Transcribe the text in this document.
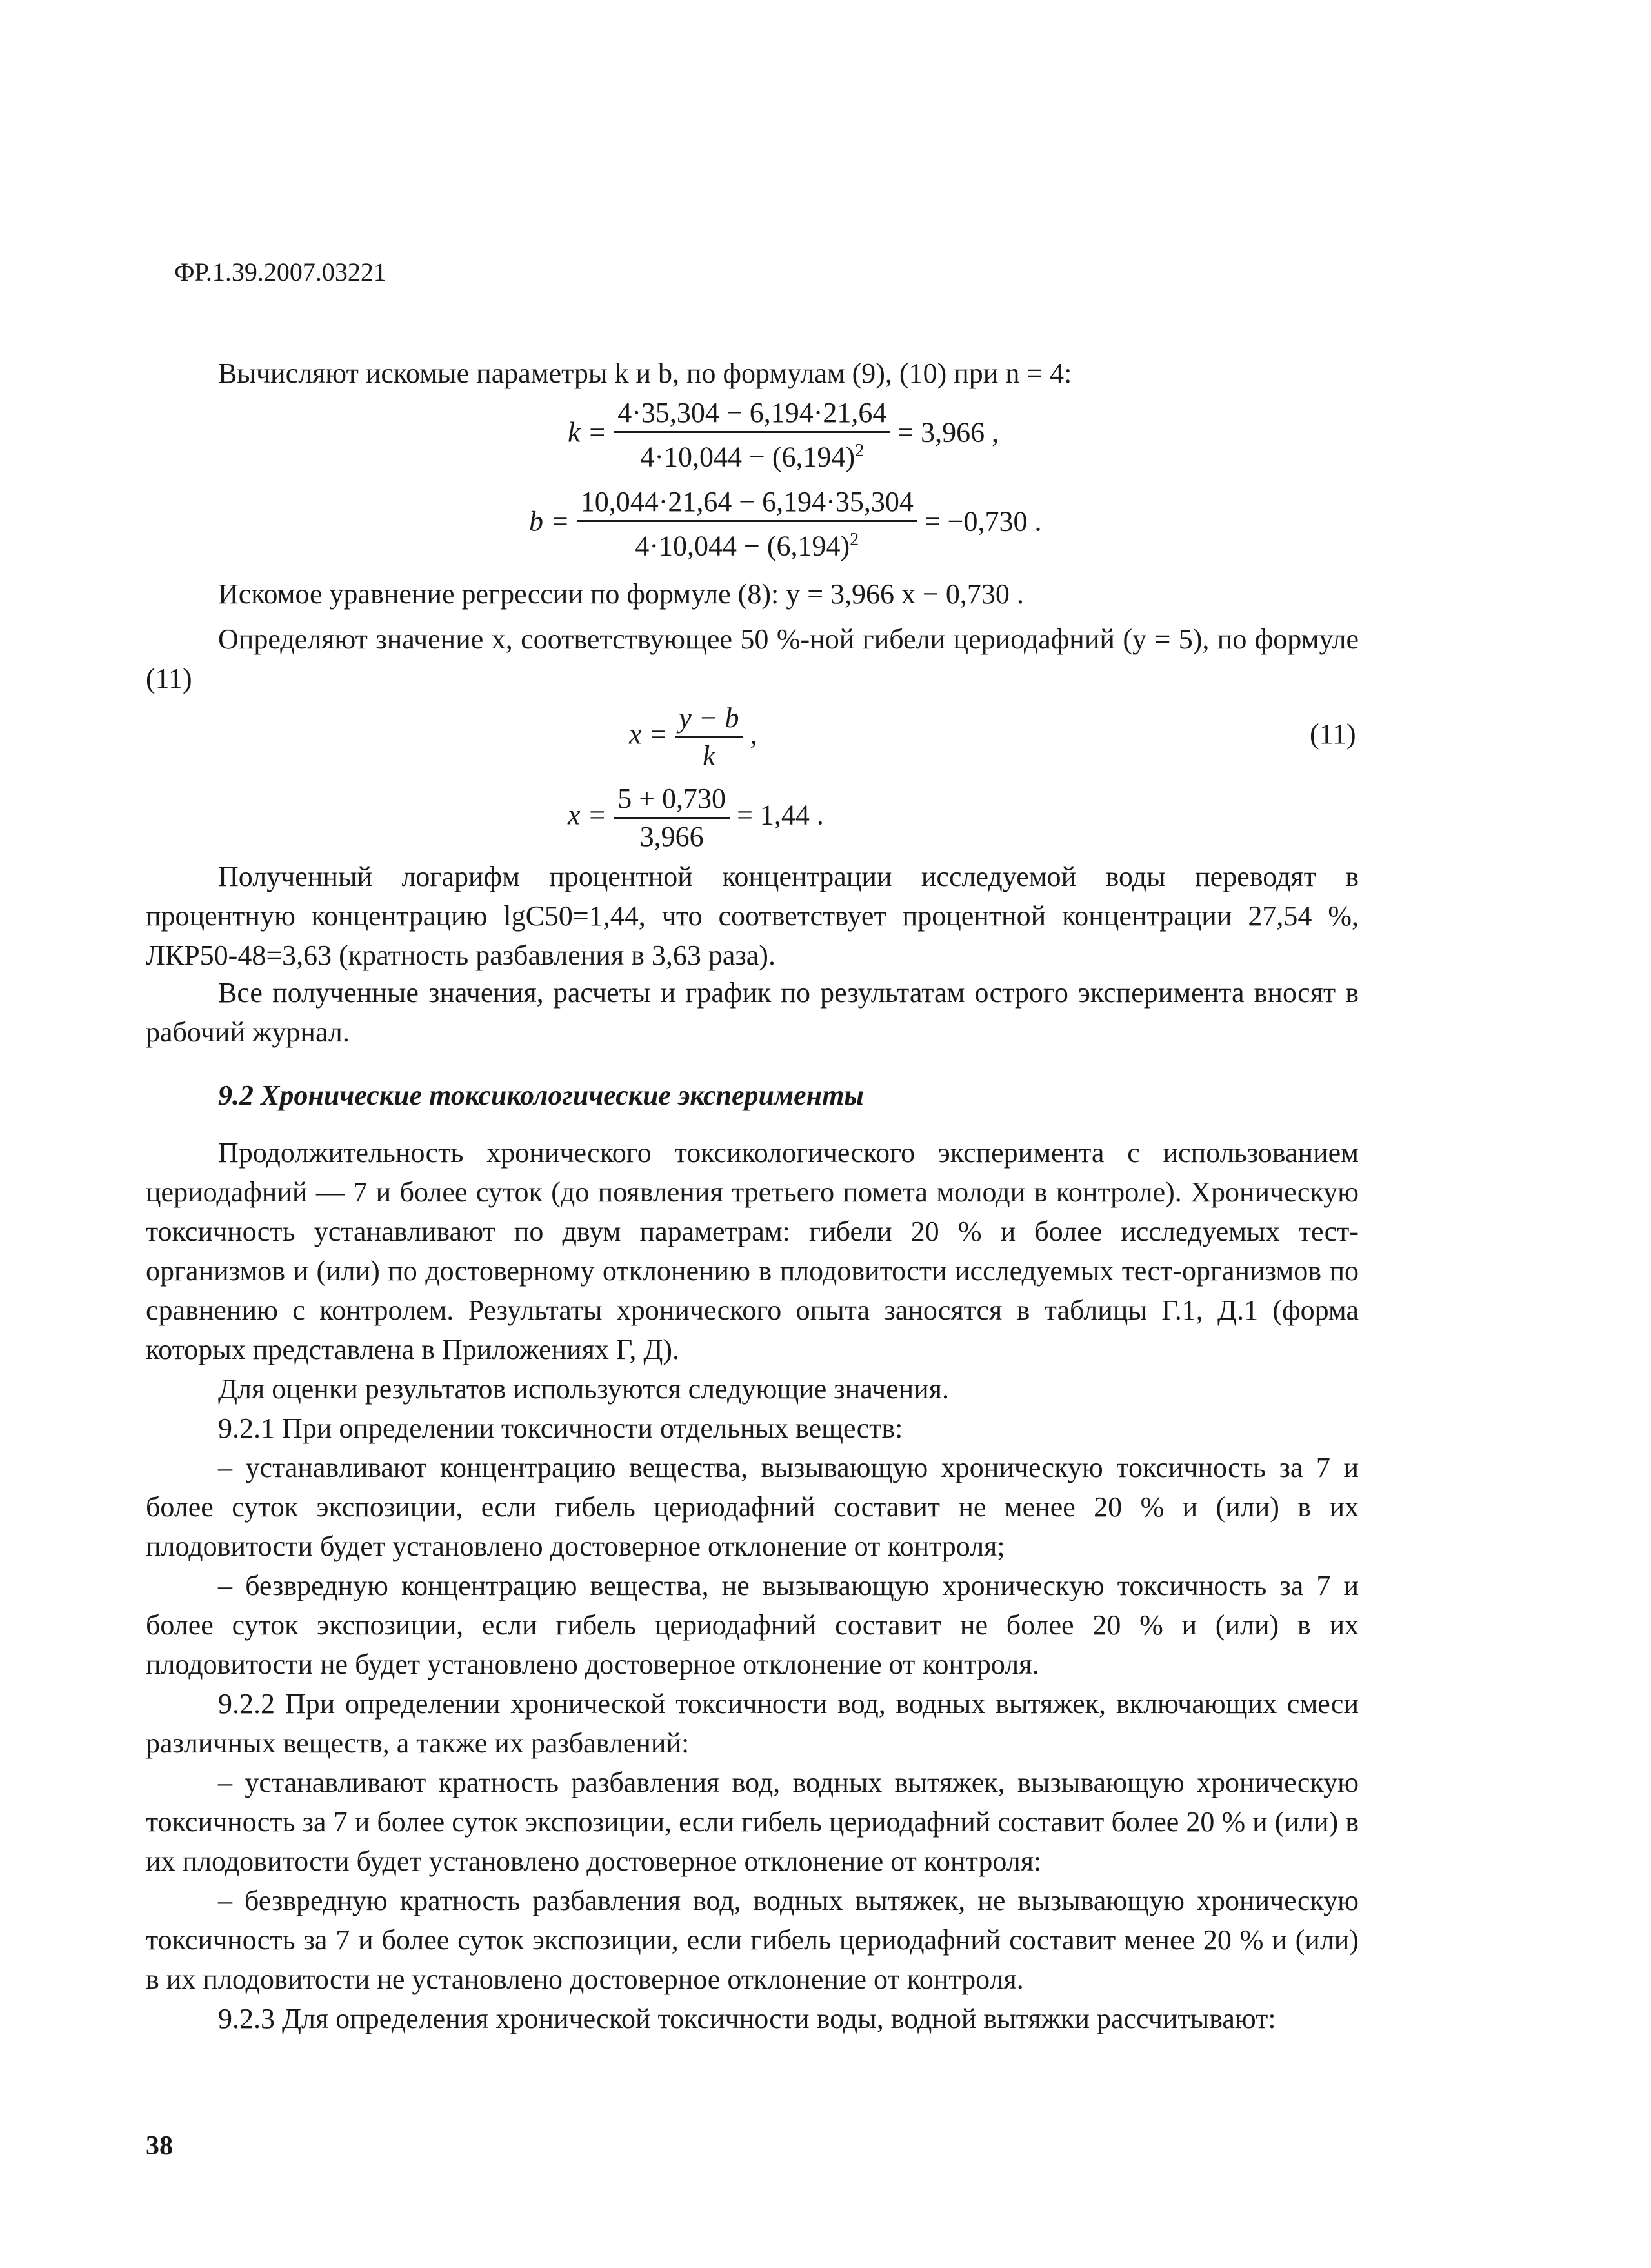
ФР.1.39.2007.03221

Вычисляют искомые параметры k и b, по формулам (9), (10) при n = 4:

$k = \frac{4\cdot 35,304 - 6,194\cdot 21,64}{4\cdot 10,044 - (6,194)^2} = 3,966$ ,
$b = \frac{10,044\cdot 21,64 - 6,194\cdot 35,304}{4\cdot 10,044 - (6,194)^2} = -0,730$ .

Искомое уравнение регрессии по формуле (8): y = 3,966 x − 0,730 .

Определяют значение x, соответствующее 50 %-ной гибели цериодафний (y = 5), по формуле (11)

$x = \frac{y - b}{k}$ ,	(11)
$x = \frac{5 + 0,730}{3,966} = 1,44$ .

Полученный логарифм процентной концентрации исследуемой воды переводят в процентную концентрацию lgC50=1,44, что соответствует процентной концентрации 27,54 %, ЛКР50-48=3,63 (кратность разбавления в 3,63 раза).

Все полученные значения, расчеты и график по результатам острого эксперимента вносят в рабочий журнал.

9.2 Хронические токсикологические эксперименты

Продолжительность хронического токсикологического эксперимента с использованием цериодафний — 7 и более суток (до появления третьего помета молоди в контроле). Хроническую токсичность устанавливают по двум параметрам: гибели 20 % и более исследуемых тест-организмов и (или) по достоверному отклонению в плодовитости исследуемых тест-организмов по сравнению с контролем. Результаты хронического опыта заносятся в таблицы Г.1, Д.1 (форма которых представлена в Приложениях Г, Д).

Для оценки результатов используются следующие значения.

9.2.1 При определении токсичности отдельных веществ:

– устанавливают концентрацию вещества, вызывающую хроническую токсичность за 7 и более суток экспозиции, если гибель цериодафний составит не менее 20 % и (или) в их плодовитости будет установлено достоверное отклонение от контроля;

– безвредную концентрацию вещества, не вызывающую хроническую токсичность за 7 и более суток экспозиции, если гибель цериодафний составит не более 20 % и (или) в их плодовитости не будет установлено достоверное отклонение от контроля.

9.2.2 При определении хронической токсичности вод, водных вытяжек, включающих смеси различных веществ, а также их разбавлений:

– устанавливают кратность разбавления вод, водных вытяжек, вызывающую хроническую токсичность за 7 и более суток экспозиции, если гибель цериодафний составит более 20 % и (или) в их плодовитости будет установлено достоверное отклонение от контроля:

– безвредную кратность разбавления вод, водных вытяжек, не вызывающую хроническую токсичность за 7 и более суток экспозиции, если гибель цериодафний составит менее 20 % и (или) в их плодовитости не установлено достоверное отклонение от контроля.

9.2.3 Для определения хронической токсичности воды, водной вытяжки рассчитывают:

38
